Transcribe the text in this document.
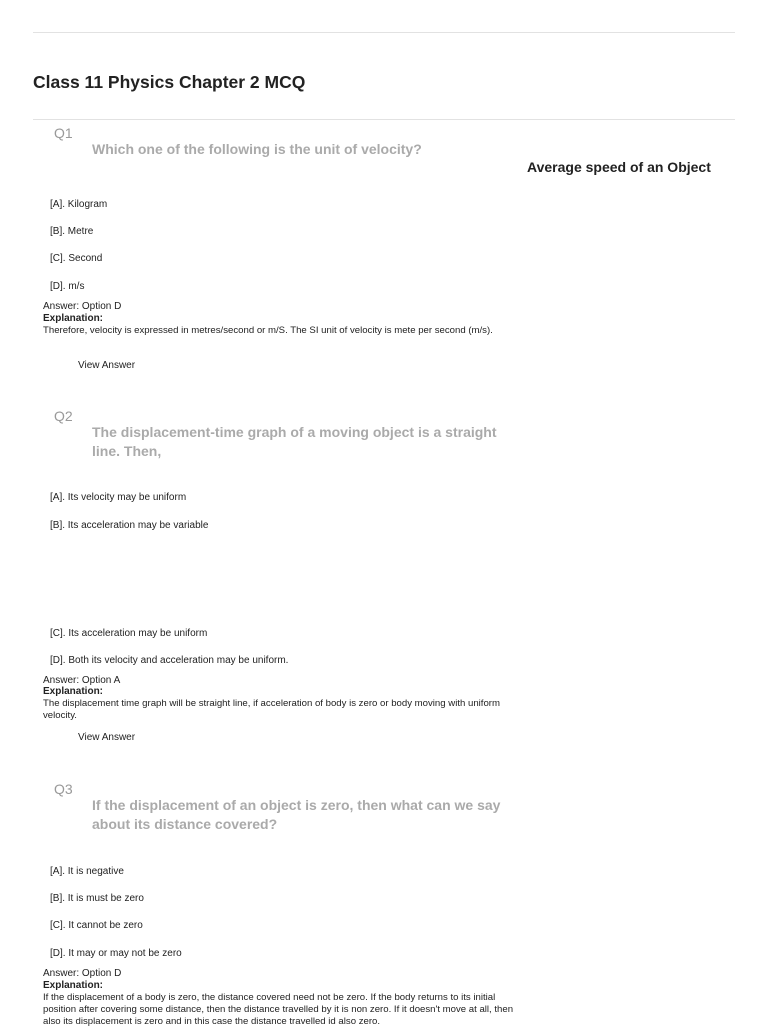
Class 11 Physics Chapter 2 MCQ
Average speed of an Object
Q1

Which one of the following is the unit of velocity?

[A]. Kilogram
[B]. Metre
[C]. Second
[D]. m/s
Answer: Option D
Explanation:

Therefore, velocity is expressed in metres/second or m/S. The SI unit of velocity is mete per second (m/s).

View Answer
Q2

The displacement-time graph of a moving object is a straight line. Then,

[A]. Its velocity may be uniform
[B]. Its acceleration may be variable
[C]. Its acceleration may be uniform
[D]. Both its velocity and acceleration may be uniform.
Answer: Option A
Explanation:

The displacement time graph will be straight line, if acceleration of body is zero or body moving with uniform velocity.

View Answer
Q3

If the displacement of an object is zero, then what can we say about its distance covered?

[A]. It is negative
[B]. It is must be zero
[C]. It cannot be zero
[D]. It may or may not be zero
Answer: Option D
Explanation:

If the displacement of a body is zero, the distance covered need not be zero. If the body returns to its initial position after covering some distance, then the distance travelled by it is non zero. If it doesn't move at all, then also its displacement is zero and in this case the distance travelled id also zero.
